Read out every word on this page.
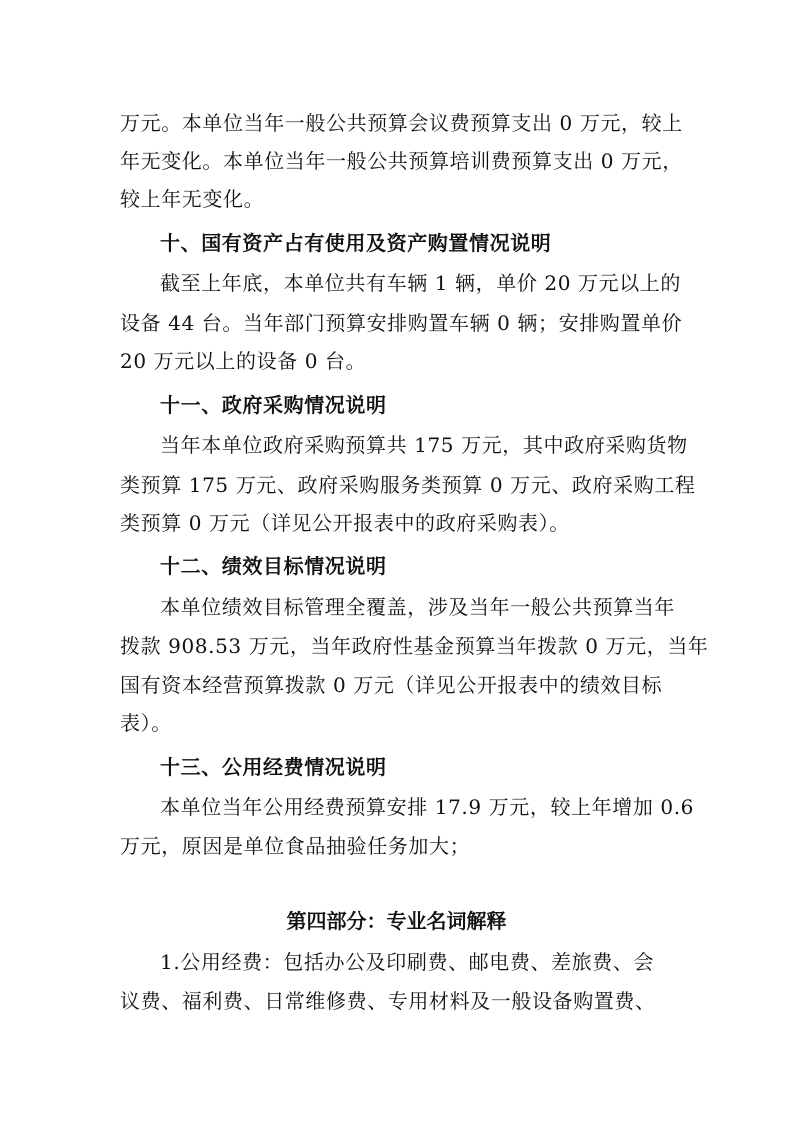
万元。本单位当年一般公共预算会议费预算支出 0 万元，较上
年无变化。本单位当年一般公共预算培训费预算支出 0 万元，
较上年无变化。
十、国有资产占有使用及资产购置情况说明
截至上年底，本单位共有车辆 1 辆，单价 20 万元以上的
设备 44 台。当年部门预算安排购置车辆 0 辆；安排购置单价
20 万元以上的设备 0 台。
十一、政府采购情况说明
当年本单位政府采购预算共 175 万元，其中政府采购货物
类预算 175 万元、政府采购服务类预算 0 万元、政府采购工程
类预算 0 万元（详见公开报表中的政府采购表）。
十二、绩效目标情况说明
本单位绩效目标管理全覆盖，涉及当年一般公共预算当年
拨款 908.53 万元，当年政府性基金预算当年拨款 0 万元，当年
国有资本经营预算拨款 0 万元（详见公开报表中的绩效目标
表）。
十三、公用经费情况说明
本单位当年公用经费预算安排 17.9 万元，较上年增加 0.6
万元，原因是单位食品抽验任务加大；
第四部分：专业名词解释
1.公用经费：包括办公及印刷费、邮电费、差旅费、会
议费、福利费、日常维修费、专用材料及一般设备购置费、
